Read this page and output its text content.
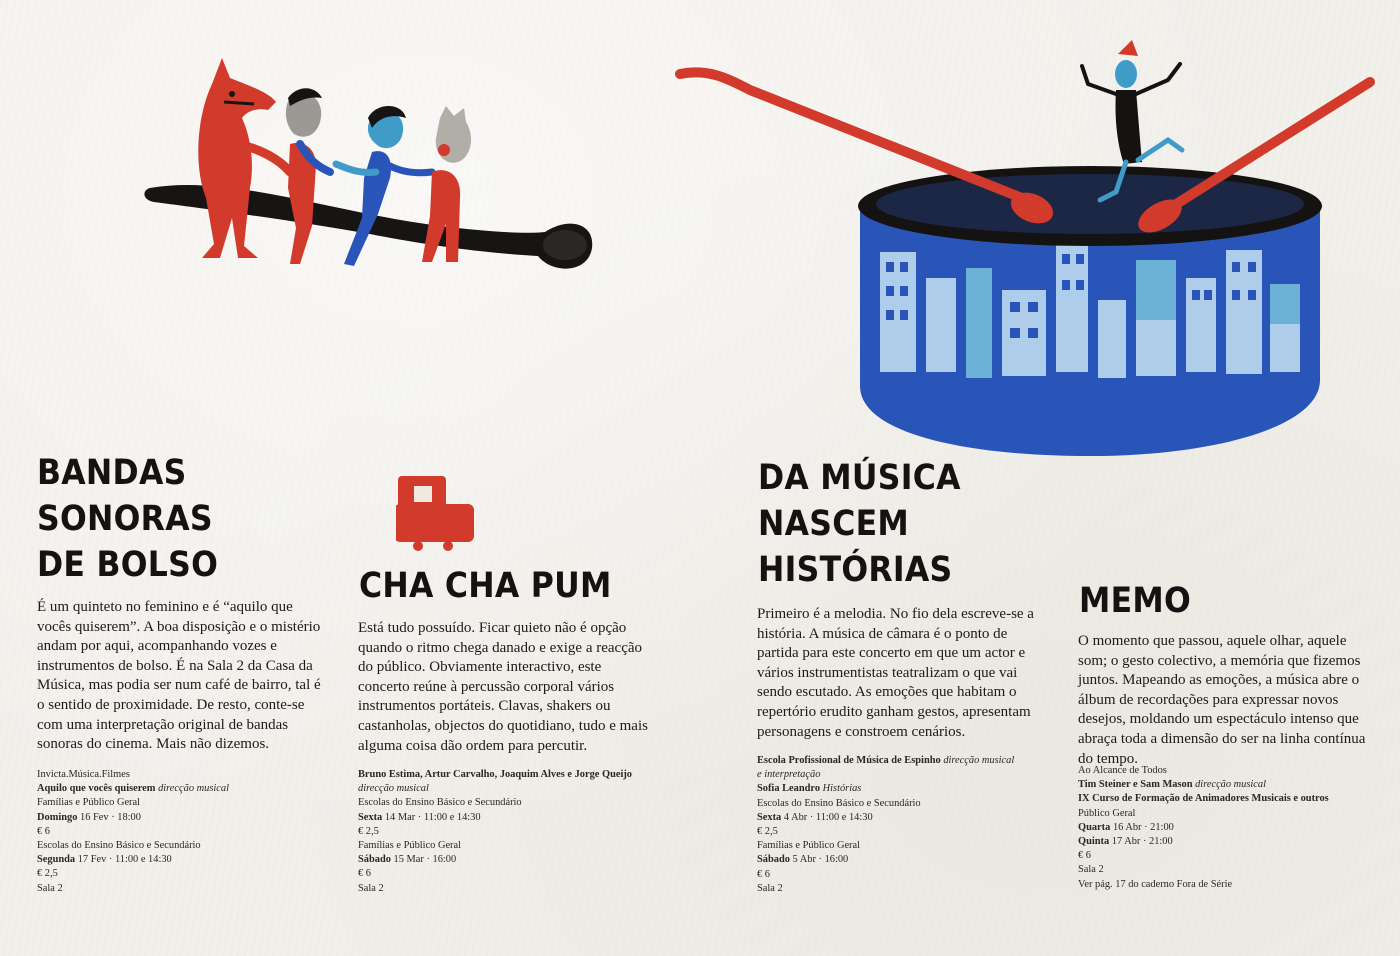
BANDAS
SONORAS
DE BOLSO

É um quinteto no feminino e é “aquilo que vocês quiserem”. A boa disposição e o mistério andam por aqui, acompanhando vozes e instrumentos de bolso. É na Sala 2 da Casa da Música, mas podia ser num café de bairro, tal é o sentido de proximidade. De resto, conte-se com uma interpretação original de bandas sonoras do cinema. Mais não dizemos.

Invicta.Música.Filmes
Aquilo que vocês quiserem direcção musical
Famílias e Público Geral
Domingo 16 Fev · 18:00
€ 6
Escolas do Ensino Básico e Secundário
Segunda 17 Fev · 11:00 e 14:30
€ 2,5
Sala 2
CHA CHA PUM

Está tudo possuído. Ficar quieto não é opção quando o ritmo chega danado e exige a reacção do público. Obviamente interactivo, este concerto reúne à percussão corporal vários instrumentos portáteis. Clavas, shakers ou castanholas, objectos do quotidiano, tudo e mais alguma coisa dão ordem para percutir.

Bruno Estima, Artur Carvalho, Joaquim Alves e Jorge Queijo
direcção musical
Escolas do Ensino Básico e Secundário
Sexta 14 Mar · 11:00 e 14:30
€ 2,5
Famílias e Público Geral
Sábado 15 Mar · 16:00
€ 6
Sala 2
DA MÚSICA
NASCEM
HISTÓRIAS

Primeiro é a melodia. No fio dela escreve-se a história. A música de câmara é o ponto de partida para este concerto em que um actor e vários instrumentistas teatralizam o que vai sendo escutado. As emoções que habitam o repertório erudito ganham gestos, apresentam personagens e constroem cenários.

Escola Profissional de Música de Espinho direcção musical
e interpretação
Sofia Leandro Histórias
Escolas do Ensino Básico e Secundário
Sexta 4 Abr · 11:00 e 14:30
€ 2,5
Famílias e Público Geral
Sábado 5 Abr · 16:00
€ 6
Sala 2
MEMO

O momento que passou, aquele olhar, aquele som; o gesto colectivo, a memória que fizemos juntos. Mapeando as emoções, a música abre o álbum de recordações para expressar novos desejos, moldando um espectáculo intenso que abraça toda a dimensão do ser na linha contínua do tempo.

Ao Alcance de Todos
Tim Steiner e Sam Mason direcção musical
IX Curso de Formação de Animadores Musicais e outros
Público Geral
Quarta 16 Abr · 21:00
Quinta 17 Abr · 21:00
€ 6
Sala 2
Ver pág. 17 do caderno Fora de Série
